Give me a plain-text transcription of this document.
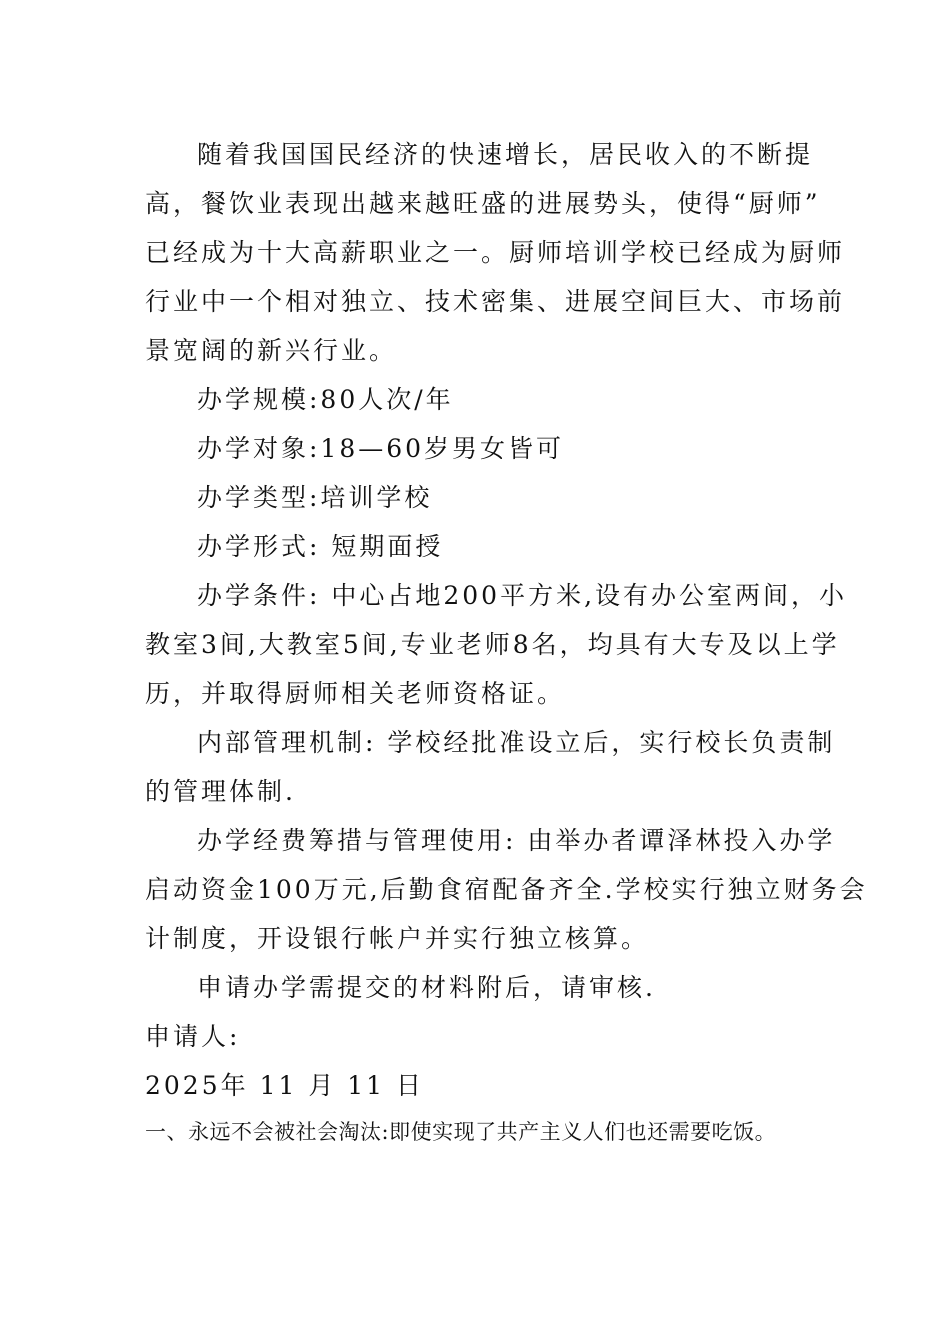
随着我国国民经济的快速增长，居民收入的不断提
高，餐饮业表现出越来越旺盛的进展势头，使得“厨师”
已经成为十大高薪职业之一。厨师培训学校已经成为厨师
行业中一个相对独立、技术密集、进展空间巨大、市场前
景宽阔的新兴行业。
办学规模:80人次/年
办学对象:18—60岁男女皆可
办学类型:培训学校
办学形式: 短期面授
办学条件: 中心占地200平方米,设有办公室两间，小
教室3间,大教室5间,专业老师8名，均具有大专及以上学
历，并取得厨师相关老师资格证。
内部管理机制: 学校经批准设立后，实行校长负责制
的管理体制.
办学经费筹措与管理使用: 由举办者谭泽林投入办学
启动资金100万元,后勤食宿配备齐全.学校实行独立财务会
计制度，开设银行帐户并实行独立核算。
申请办学需提交的材料附后，请审核.
申请人:
2025年 11 月 11 日
一、永远不会被社会淘汰:即使实现了共产主义人们也还需要吃饭。
